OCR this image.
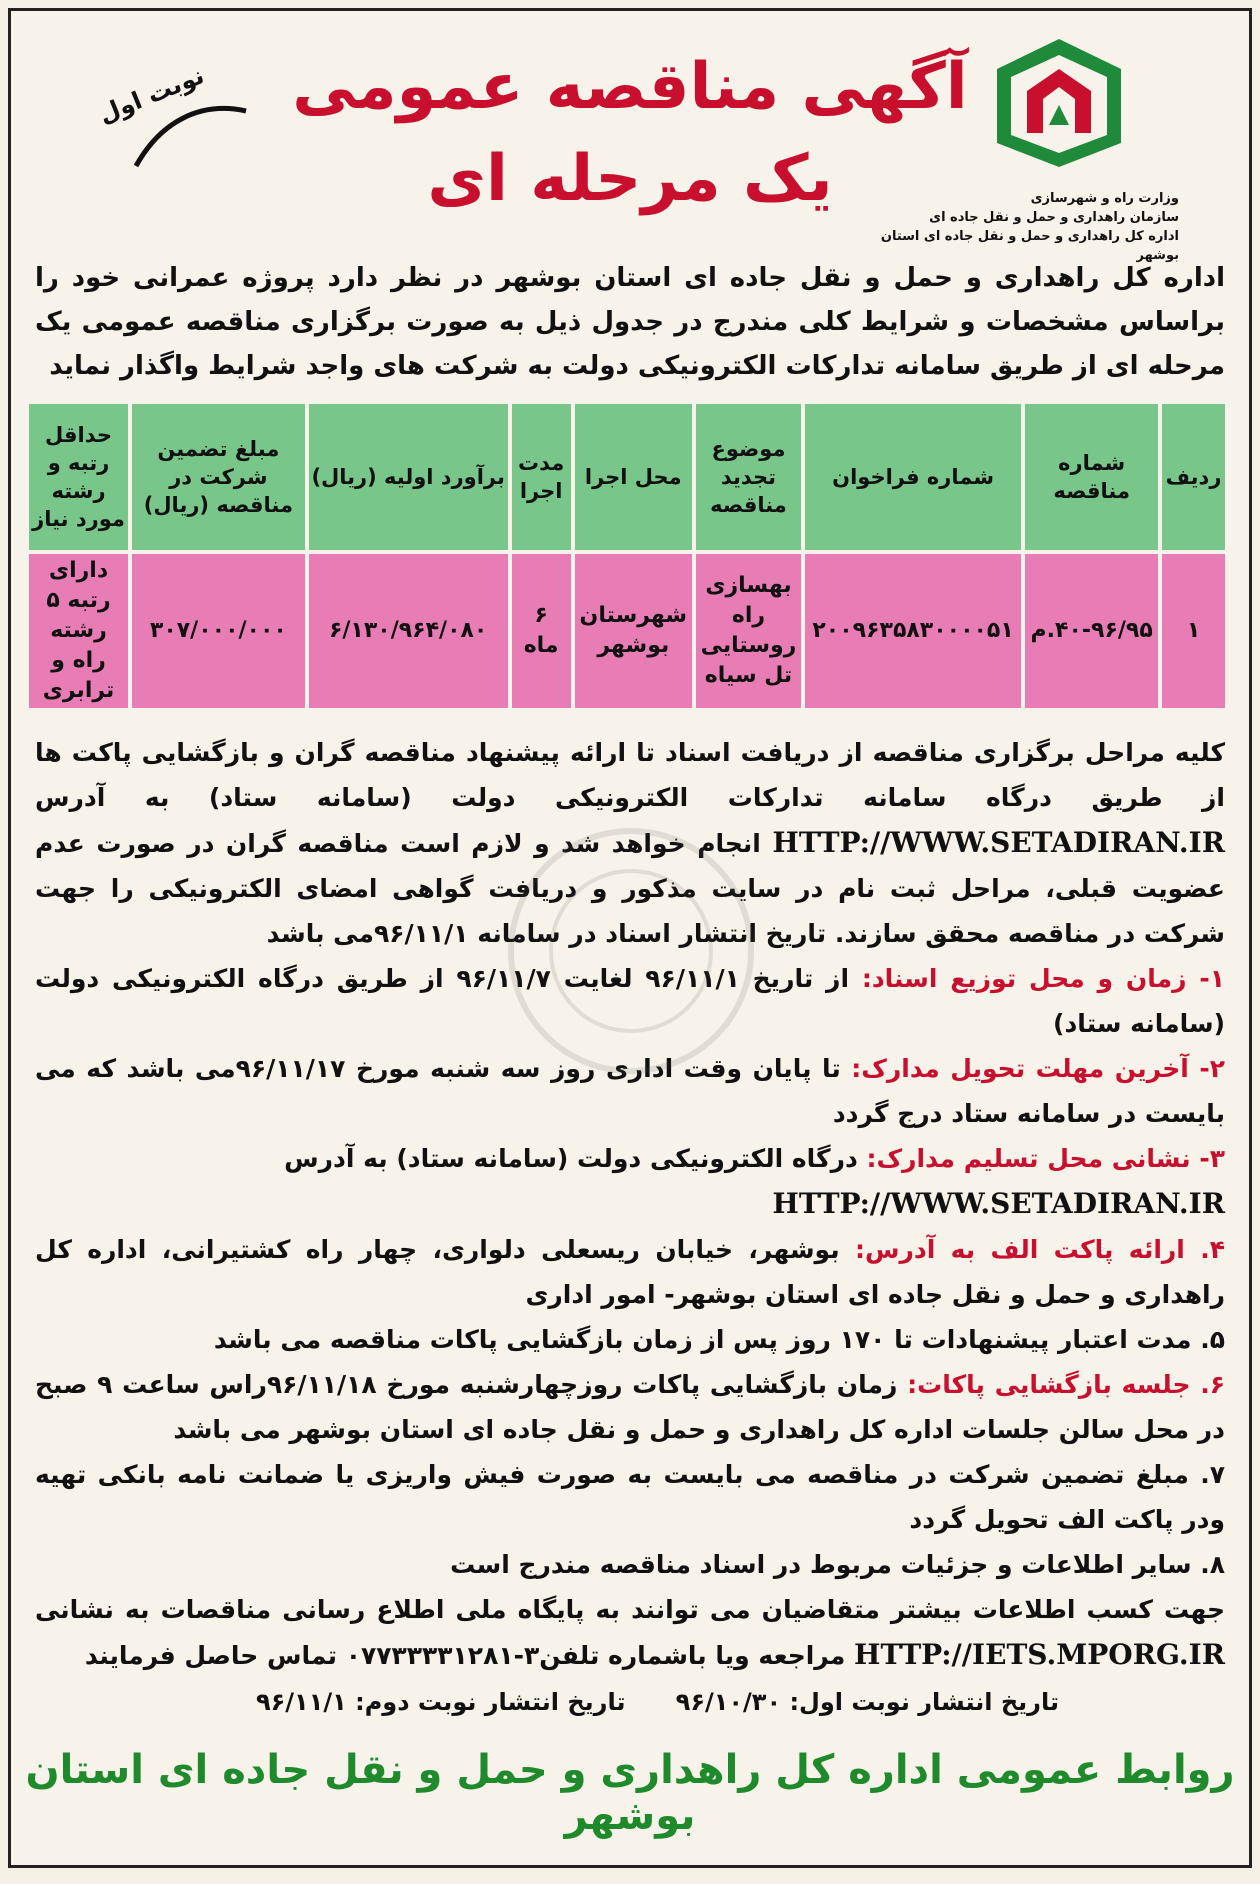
وزارت راه و شهرسازی
سازمان راهداری و حمل و نقل جاده ای
اداره کل راهداری و حمل و نقل جاده ای استان بوشهر
آگهی مناقصه عمومی
یک مرحله ای
نوبت اول
اداره کل راهداری و حمل و نقل جاده ای استان بوشهر در نظر دارد پروژه عمرانی خود را براساس مشخصات و شرایط کلی مندرج در جدول ذیل به صورت برگزاری مناقصه عمومی یک مرحله ای از طریق سامانه تدارکات الکترونیکی دولت به شرکت های واجد شرایط واگذار نماید
ردیف	شماره مناقصه	شماره فراخوان	موضوع تجدید مناقصه	محل اجرا	مدت اجرا	برآورد اولیه (ریال)	مبلغ تضمین شرکت در مناقصه (ریال)	حداقل رتبه و رشته مورد نیاز
۱	۴۰-۹۶/۹۵.م	۲۰۰۹۶۳۵۸۳۰۰۰۰۵۱	بهسازی راه روستایی تل سیاه	شهرستان بوشهر	۶ ماه	۶/۱۳۰/۹۶۴/۰۸۰	۳۰۷/۰۰۰/۰۰۰	دارای رتبه ۵ رشته راه و ترابری

کلیه مراحل برگزاری مناقصه از دریافت اسناد تا ارائه پیشنهاد مناقصه گران و بازگشایی پاکت ها از طریق درگاه سامانه تدارکات الکترونیکی دولت (سامانه ستاد) به آدرس HTTP://WWW.SETADIRAN.IR انجام خواهد شد و لازم است مناقصه گران در صورت عدم عضویت قبلی، مراحل ثبت نام در سایت مذکور و دریافت گواهی امضای الکترونیکی را جهت شرکت در مناقصه محقق سازند. تاریخ انتشار اسناد در سامانه ۹۶/۱۱/۱می باشد

۱- زمان و محل توزیع اسناد: از تاریخ ۹۶/۱۱/۱ لغایت ۹۶/۱۱/۷ از طریق درگاه الکترونیکی دولت (سامانه ستاد)

۲- آخرین مهلت تحویل مدارک: تا پایان وقت اداری روز سه شنبه مورخ ۹۶/۱۱/۱۷می باشد که می بایست در سامانه ستاد درج گردد

۳- نشانی محل تسلیم مدارک: درگاه الکترونیکی دولت (سامانه ستاد) به آدرس

HTTP://WWW.SETADIRAN.IR

۴. ارائه پاکت الف به آدرس: بوشهر، خیابان ریسعلی دلواری، چهار راه کشتیرانی، اداره کل راهداری و حمل و نقل جاده ای استان بوشهر- امور اداری

۵. مدت اعتبار پیشنهادات تا ۱۷۰ روز پس از زمان بازگشایی پاکات مناقصه می باشد

۶. جلسه بازگشایی پاکات: زمان بازگشایی پاکات روزچهارشنبه مورخ ۹۶/۱۱/۱۸راس ساعت ۹ صبح در محل سالن جلسات اداره کل راهداری و حمل و نقل جاده ای استان بوشهر می باشد

۷. مبلغ تضمین شرکت در مناقصه می بایست به صورت فیش واریزی یا ضمانت نامه بانکی تهیه ودر پاکت الف تحویل گردد

۸. سایر اطلاعات و جزئیات مربوط در اسناد مناقصه مندرج است

جهت کسب اطلاعات بیشتر متقاضیان می توانند به پایگاه ملی اطلاع رسانی مناقصات به نشانی HTTP://IETS.MPORG.IR مراجعه ویا باشماره تلفن۳-۰۷۷۳۳۳۳۱۲۸۱ تماس حاصل فرمایند

تاریخ انتشار نوبت اول: ۹۶/۱۰/۳۰      تاریخ انتشار نوبت دوم: ۹۶/۱۱/۱
روابط عمومی اداره کل راهداری و حمل و نقل جاده ای استان بوشهر
